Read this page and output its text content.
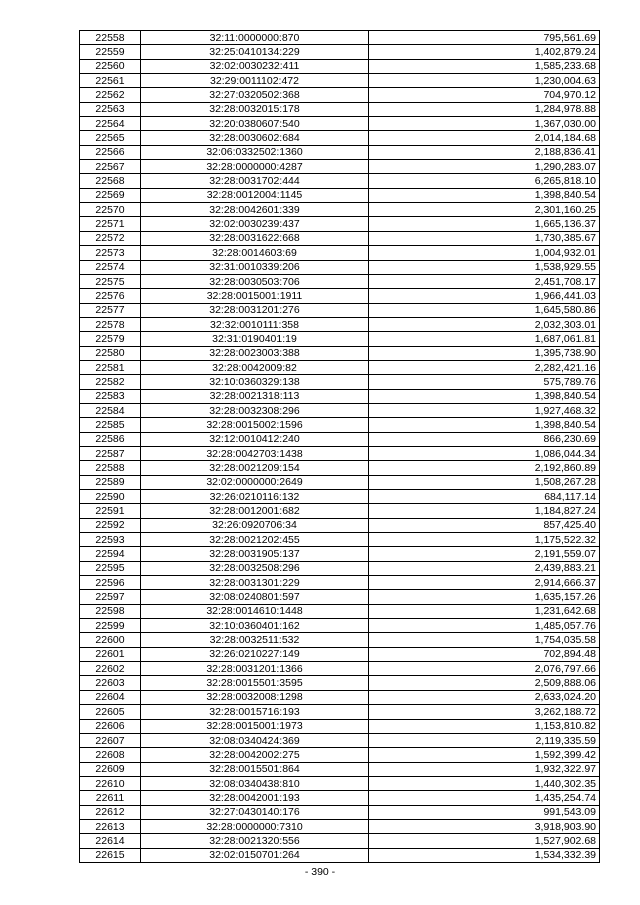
22558	32:11:0000000:870	795,561.69
22559	32:25:0410134:229	1,402,879.24
22560	32:02:0030232:411	1,585,233.68
22561	32:29:0011102:472	1,230,004.63
22562	32:27:0320502:368	704,970.12
22563	32:28:0032015:178	1,284,978.88
22564	32:20:0380607:540	1,367,030.00
22565	32:28:0030602:684	2,014,184.68
22566	32:06:0332502:1360	2,188,836.41
22567	32:28:0000000:4287	1,290,283.07
22568	32:28:0031702:444	6,265,818.10
22569	32:28:0012004:1145	1,398,840.54
22570	32:28:0042601:339	2,301,160.25
22571	32:02:0030239:437	1,665,136.37
22572	32:28:0031622:668	1,730,385.67
22573	32:28:0014603:69	1,004,932.01
22574	32:31:0010339:206	1,538,929.55
22575	32:28:0030503:706	2,451,708.17
22576	32:28:0015001:1911	1,966,441.03
22577	32:28:0031201:276	1,645,580.86
22578	32:32:0010111:358	2,032,303.01
22579	32:31:0190401:19	1,687,061.81
22580	32:28:0023003:388	1,395,738.90
22581	32:28:0042009:82	2,282,421.16
22582	32:10:0360329:138	575,789.76
22583	32:28:0021318:113	1,398,840.54
22584	32:28:0032308:296	1,927,468.32
22585	32:28:0015002:1596	1,398,840.54
22586	32:12:0010412:240	866,230.69
22587	32:28:0042703:1438	1,086,044.34
22588	32:28:0021209:154	2,192,860.89
22589	32:02:0000000:2649	1,508,267.28
22590	32:26:0210116:132	684,117.14
22591	32:28:0012001:682	1,184,827.24
22592	32:26:0920706:34	857,425.40
22593	32:28:0021202:455	1,175,522.32
22594	32:28:0031905:137	2,191,559.07
22595	32:28:0032508:296	2,439,883.21
22596	32:28:0031301:229	2,914,666.37
22597	32:08:0240801:597	1,635,157.26
22598	32:28:0014610:1448	1,231,642.68
22599	32:10:0360401:162	1,485,057.76
22600	32:28:0032511:532	1,754,035.58
22601	32:26:0210227:149	702,894.48
22602	32:28:0031201:1366	2,076,797.66
22603	32:28:0015501:3595	2,509,888.06
22604	32:28:0032008:1298	2,633,024.20
22605	32:28:0015716:193	3,262,188.72
22606	32:28:0015001:1973	1,153,810.82
22607	32:08:0340424:369	2,119,335.59
22608	32:28:0042002:275	1,592,399.42
22609	32:28:0015501:864	1,932,322.97
22610	32:08:0340438:810	1,440,302.35
22611	32:28:0042001:193	1,435,254.74
22612	32:27:0430140:176	991,543.09
22613	32:28:0000000:7310	3,918,903.90
22614	32:28:0021320:556	1,527,902.68
22615	32:02:0150701:264	1,534,332.39
- 390 -
